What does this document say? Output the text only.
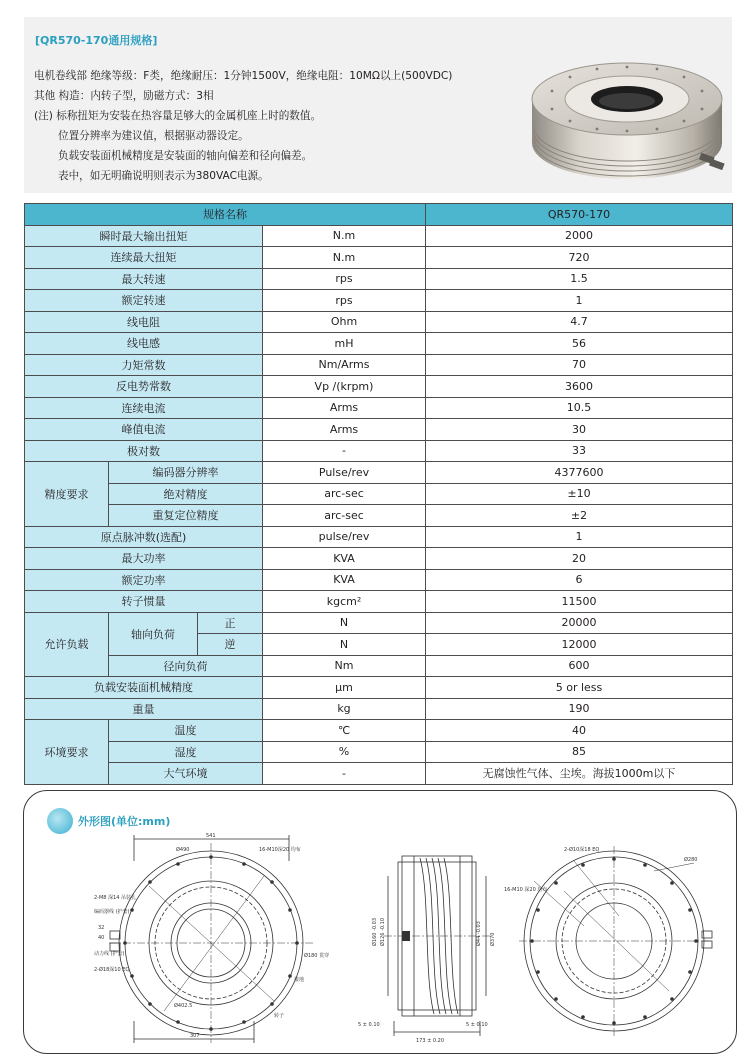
[QR570-170通用规格]
电机卷线部 绝缘等级：F类，绝缘耐压：1分钟1500V，绝缘电阻：10MΩ以上(500VDC)
其他 构造：内转子型，励磁方式：3相
(注) 标称扭矩为安装在热容量足够大的金属机座上时的数值。
位置分辨率为建议值，根据驱动器设定。
负载安装面机械精度是安装面的轴向偏差和径向偏差。
表中，如无明确说明则表示为380VAC电源。
规格名称				QR570-170
瞬时最大输出扭矩			N.m	2000
连续最大扭矩			N.m	720
最大转速			rps	1.5
额定转速			rps	1
线电阻			Ohm	4.7
线电感			mH	56
力矩常数			Nm/Arms	70
反电势常数			Vp /(krpm)	3600
连续电流			Arms	10.5
峰值电流			Arms	30
极对数			-	33
精度要求	编码器分辨率		Pulse/rev	4377600
	绝对精度		arc-sec	±10
	重复定位精度		arc-sec	±2
原点脉冲数(选配)			pulse/rev	1
最大功率			KVA	20
额定功率			KVA	6
转子惯量			kgcm²	11500
允许负载	轴向负荷	正	N	20000
		逆	N	12000
	径向负荷		Nm	600
负载安装面机械精度			μm	5 or less
重量			kg	190
环境要求	温度		℃	40
	湿度		%	85
	大气环境		-	无腐蚀性气体、尘埃。海拔1000m以下
外形图(单位:mm)
541
Ø490	16-M10深20 均布
2-M8 深14 吊装孔
编码器线 (护套)
32
40
动力线 (护套)
2-Ø18深10 EQ
Ø180 贯穿
接地
Ø402.5
307
转子
Ø160 -0.03 Ø126 -0.10	Ø44 -0.03 Ø370
5 ± 0.10	5 ± 0.10
173 ± 0.20
2-Ø10深18 EQ
Ø280
16-M10 深20 均布
